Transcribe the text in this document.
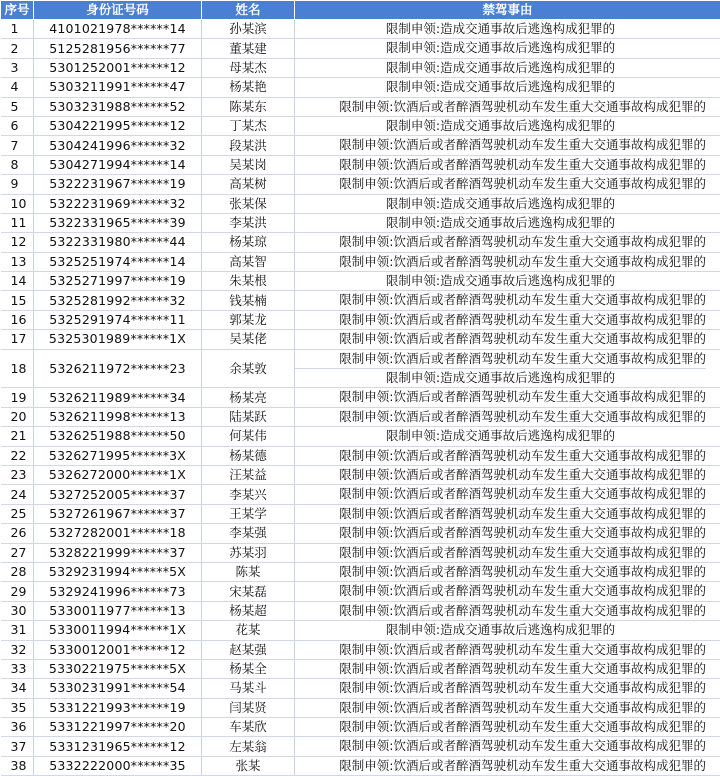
序号	身份证号码	姓名	禁驾事由
1	4101021978******14	孙某滨	限制申领:造成交通事故后逃逸构成犯罪的

2	5125281956******77	董某建	限制申领:造成交通事故后逃逸构成犯罪的

3	5301252001******12	母某杰	限制申领:造成交通事故后逃逸构成犯罪的

4	5303211991******47	杨某艳	限制申领:造成交通事故后逃逸构成犯罪的

5	5303231988******52	陈某东	限制申领:饮酒后或者醉酒驾驶机动车发生重大交通事故构成犯罪的

6	5304221995******12	丁某杰	限制申领:造成交通事故后逃逸构成犯罪的

7	5304241996******32	段某洪	限制申领:饮酒后或者醉酒驾驶机动车发生重大交通事故构成犯罪的

8	5304271994******14	吴某岗	限制申领:饮酒后或者醉酒驾驶机动车发生重大交通事故构成犯罪的

9	5322231967******19	高某树	限制申领:饮酒后或者醉酒驾驶机动车发生重大交通事故构成犯罪的

10	5322231969******32	张某保	限制申领:造成交通事故后逃逸构成犯罪的

11	5322331965******39	李某洪	限制申领:造成交通事故后逃逸构成犯罪的

12	5322331980******44	杨某琼	限制申领:饮酒后或者醉酒驾驶机动车发生重大交通事故构成犯罪的

13	5325251974******14	高某智	限制申领:饮酒后或者醉酒驾驶机动车发生重大交通事故构成犯罪的

14	5325271997******19	朱某根	限制申领:造成交通事故后逃逸构成犯罪的

15	5325281992******32	钱某楠	限制申领:饮酒后或者醉酒驾驶机动车发生重大交通事故构成犯罪的

16	5325291974******11	郭某龙	限制申领:饮酒后或者醉酒驾驶机动车发生重大交通事故构成犯罪的

17	5325301989******1X	吴某佬	限制申领:饮酒后或者醉酒驾驶机动车发生重大交通事故构成犯罪的

18	5326211972******23	余某敦	限制申领:饮酒后或者醉酒驾驶机动车发生重大交通事故构成犯罪的
限制申领:造成交通事故后逃逸构成犯罪的

19	5326211989******34	杨某亮	限制申领:饮酒后或者醉酒驾驶机动车发生重大交通事故构成犯罪的

20	5326211998******13	陆某跃	限制申领:饮酒后或者醉酒驾驶机动车发生重大交通事故构成犯罪的

21	5326251988******50	何某伟	限制申领:造成交通事故后逃逸构成犯罪的

22	5326271995******3X	杨某德	限制申领:饮酒后或者醉酒驾驶机动车发生重大交通事故构成犯罪的

23	5326272000******1X	汪某益	限制申领:饮酒后或者醉酒驾驶机动车发生重大交通事故构成犯罪的

24	5327252005******37	李某兴	限制申领:饮酒后或者醉酒驾驶机动车发生重大交通事故构成犯罪的

25	5327261967******37	王某学	限制申领:饮酒后或者醉酒驾驶机动车发生重大交通事故构成犯罪的

26	5327282001******18	李某强	限制申领:饮酒后或者醉酒驾驶机动车发生重大交通事故构成犯罪的

27	5328221999******37	苏某羽	限制申领:饮酒后或者醉酒驾驶机动车发生重大交通事故构成犯罪的

28	5329231994******5X	陈某	限制申领:饮酒后或者醉酒驾驶机动车发生重大交通事故构成犯罪的

29	5329241996******73	宋某磊	限制申领:饮酒后或者醉酒驾驶机动车发生重大交通事故构成犯罪的

30	5330011977******13	杨某超	限制申领:饮酒后或者醉酒驾驶机动车发生重大交通事故构成犯罪的

31	5330011994******1X	花某	限制申领:造成交通事故后逃逸构成犯罪的

32	5330012001******12	赵某强	限制申领:饮酒后或者醉酒驾驶机动车发生重大交通事故构成犯罪的

33	5330221975******5X	杨某全	限制申领:饮酒后或者醉酒驾驶机动车发生重大交通事故构成犯罪的

34	5330231991******54	马某斗	限制申领:饮酒后或者醉酒驾驶机动车发生重大交通事故构成犯罪的

35	5331221993******19	闫某贤	限制申领:饮酒后或者醉酒驾驶机动车发生重大交通事故构成犯罪的

36	5331221997******20	车某欣	限制申领:饮酒后或者醉酒驾驶机动车发生重大交通事故构成犯罪的

37	5331231965******12	左某翁	限制申领:饮酒后或者醉酒驾驶机动车发生重大交通事故构成犯罪的

38	5332222000******35	张某	限制申领:饮酒后或者醉酒驾驶机动车发生重大交通事故构成犯罪的
